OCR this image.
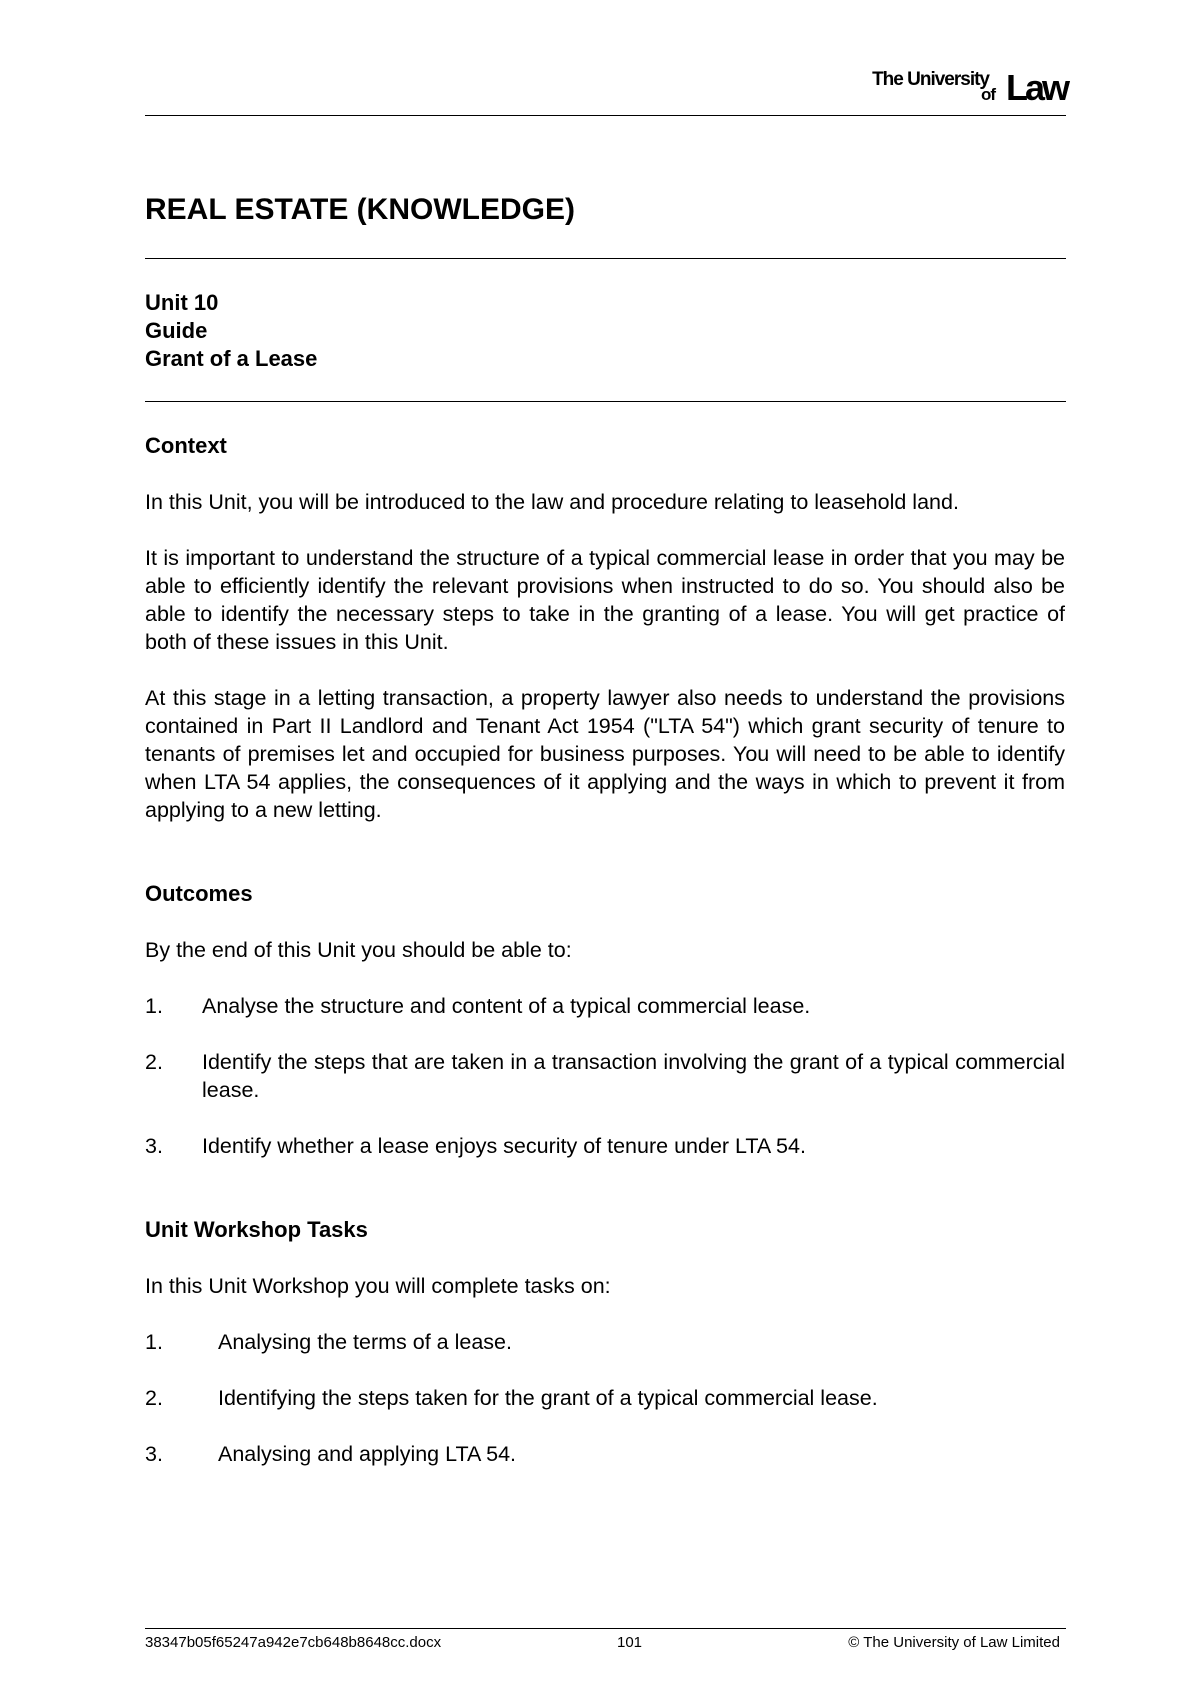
The University
of Law
REAL ESTATE (KNOWLEDGE)
Unit 10
Guide
Grant of a Lease
Context

In this Unit, you will be introduced to the law and procedure relating to leasehold land.

It is important to understand the structure of a typical commercial lease in order that you may be able to efficiently identify the relevant provisions when instructed to do so. You should also be able to identify the necessary steps to take in the granting of a lease. You will get practice of both of these issues in this Unit.

At this stage in a letting transaction, a property lawyer also needs to understand the provisions contained in Part II Landlord and Tenant Act 1954 ("LTA 54") which grant security of tenure to tenants of premises let and occupied for business purposes. You will need to be able to identify when LTA 54 applies, the consequences of it applying and the ways in which to prevent it from applying to a new letting.

Outcomes

By the end of this Unit you should be able to:

1. Analyse the structure and content of a typical commercial lease.
2. Identify the steps that are taken in a transaction involving the grant of a typical commercial lease.
3. Identify whether a lease enjoys security of tenure under LTA 54.
Unit Workshop Tasks

In this Unit Workshop you will complete tasks on:

1.	Analysing the terms of a lease.
2.	Identifying the steps taken for the grant of a typical commercial lease.
3.	Analysing and applying LTA 54.
38347b05f65247a942e7cb648b8648cc.docx	101	© The University of Law Limited
